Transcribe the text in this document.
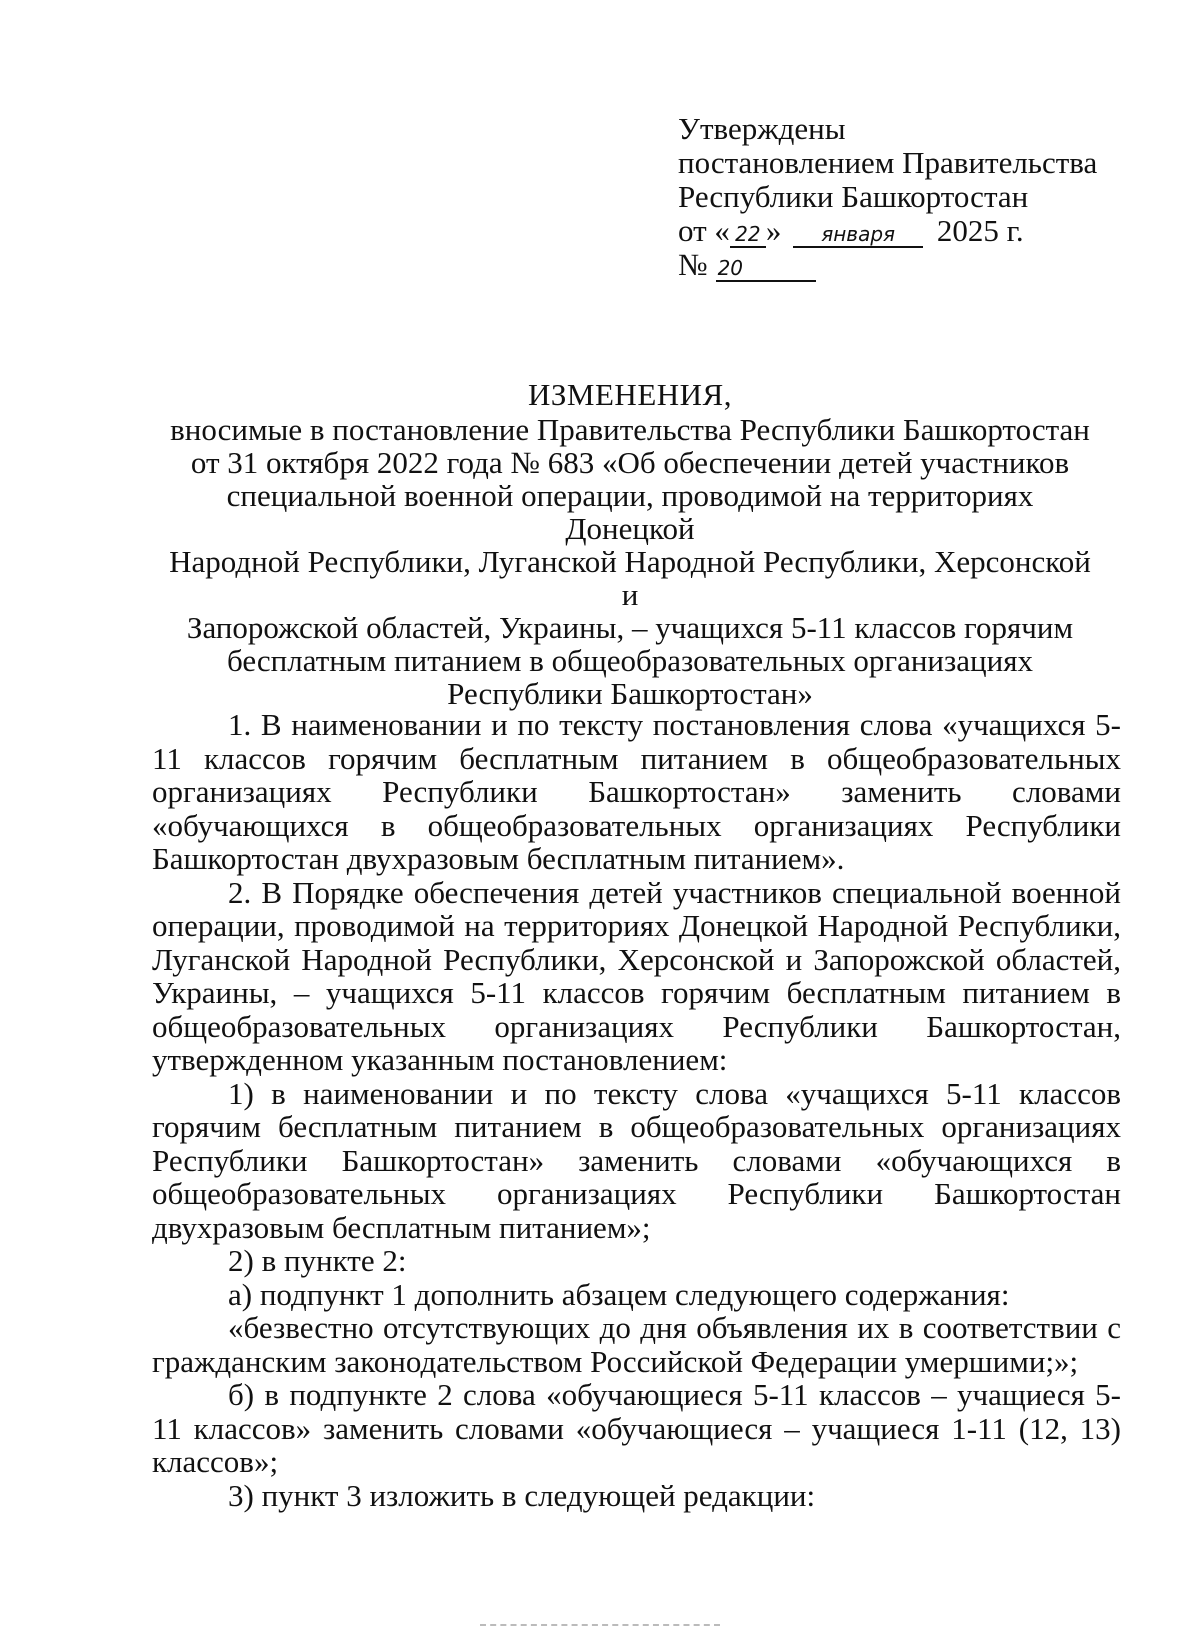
Утверждены
постановлением Правительства
Республики Башкортостан
от « 22 » января 2025 г.
№ 20
ИЗМЕНЕНИЯ,
вносимые в постановление Правительства Республики Башкортостан
от 31 октября 2022 года № 683 «Об обеспечении детей участников
специальной военной операции, проводимой на территориях Донецкой
Народной Республики, Луганской Народной Республики, Херсонской и
Запорожской областей, Украины, – учащихся 5-11 классов горячим
бесплатным питанием в общеобразовательных организациях
Республики Башкортостан»

1. В наименовании и по тексту постановления слова «учащихся 5-11 классов горячим бесплатным питанием в общеобразовательных организациях Республики Башкортостан» заменить словами «обучающихся в общеобразовательных организациях Республики Башкортостан двухразовым бесплатным питанием».

2. В Порядке обеспечения детей участников специальной военной операции, проводимой на территориях Донецкой Народной Республики, Луганской Народной Республики, Херсонской и Запорожской областей, Украины, – учащихся 5-11 классов горячим бесплатным питанием в общеобразовательных организациях Республики Башкортостан, утвержденном указанным постановлением:

1) в наименовании и по тексту слова «учащихся 5-11 классов горячим бесплатным питанием в общеобразовательных организациях Республики Башкортостан» заменить словами «обучающихся в общеобразовательных организациях Республики Башкортостан двухразовым бесплатным питанием»;

2) в пункте 2:

а) подпункт 1 дополнить абзацем следующего содержания:

«безвестно отсутствующих до дня объявления их в соответствии с гражданским законодательством Российской Федерации умершими;»;

б) в подпункте 2 слова «обучающиеся 5-11 классов – учащиеся 5-11 классов» заменить словами «обучающиеся – учащиеся 1-11 (12, 13) классов»;

3) пункт 3 изложить в следующей редакции:
